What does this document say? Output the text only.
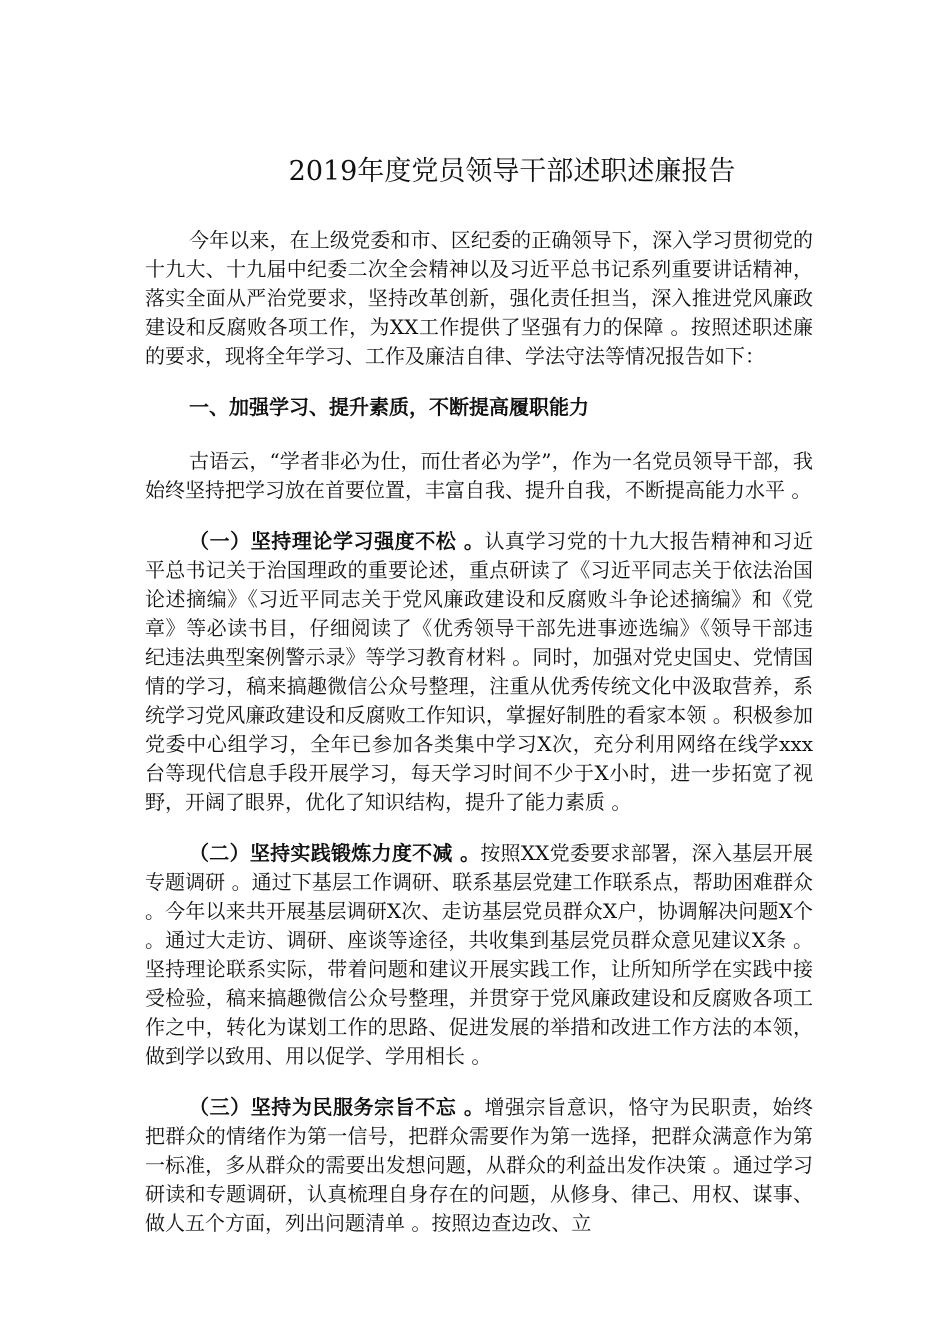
2019年度党员领导干部述职述廉报告

今年以来，在上级党委和市、区纪委的正确领导下，深入学习贯彻党的十九大、十九届中纪委二次全会精神以及习近平总书记系列重要讲话精神，落实全面从严治党要求，坚持改革创新，强化责任担当，深入推进党风廉政建设和反腐败各项工作，为XX工作提供了坚强有力的保障 。按照述职述廉的要求，现将全年学习、工作及廉洁自律、学法守法等情况报告如下：

一、加强学习、提升素质，不断提高履职能力

古语云，“学者非必为仕，而仕者必为学”，作为一名党员领导干部，我始终坚持把学习放在首要位置，丰富自我、提升自我，不断提高能力水平 。

（一）坚持理论学习强度不松 。认真学习党的十九大报告精神和习近平总书记关于治国理政的重要论述，重点研读了《习近平同志关于依法治国论述摘编》《习近平同志关于党风廉政建设和反腐败斗争论述摘编》和《党章》等必读书目，仔细阅读了《优秀领导干部先进事迹选编》《领导干部违纪违法典型案例警示录》等学习教育材料 。同时，加强对党史国史、党情国情的学习，稿来搞趣微信公众号整理，注重从优秀传统文化中汲取营养，系统学习党风廉政建设和反腐败工作知识，掌握好制胜的看家本领 。积极参加党委中心组学习，全年已参加各类集中学习X次，充分利用网络在线学xxx台等现代信息手段开展学习，每天学习时间不少于X小时，进一步拓宽了视野，开阔了眼界，优化了知识结构，提升了能力素质 。

（二）坚持实践锻炼力度不减 。按照XX党委要求部署，深入基层开展专题调研 。通过下基层工作调研、联系基层党建工作联系点，帮助困难群众 。今年以来共开展基层调研X次、走访基层党员群众X户，协调解决问题X个 。通过大走访、调研、座谈等途径，共收集到基层党员群众意见建议X条 。坚持理论联系实际，带着问题和建议开展实践工作，让所知所学在实践中接受检验，稿来搞趣微信公众号整理，并贯穿于党风廉政建设和反腐败各项工作之中，转化为谋划工作的思路、促进发展的举措和改进工作方法的本领，做到学以致用、用以促学、学用相长 。

（三）坚持为民服务宗旨不忘 。增强宗旨意识，恪守为民职责，始终把群众的情绪作为第一信号，把群众需要作为第一选择，把群众满意作为第一标准，多从群众的需要出发想问题，从群众的利益出发作决策 。通过学习研读和专题调研，认真梳理自身存在的问题，从修身、律己、用权、谋事、做人五个方面，列出问题清单 。按照边查边改、立
